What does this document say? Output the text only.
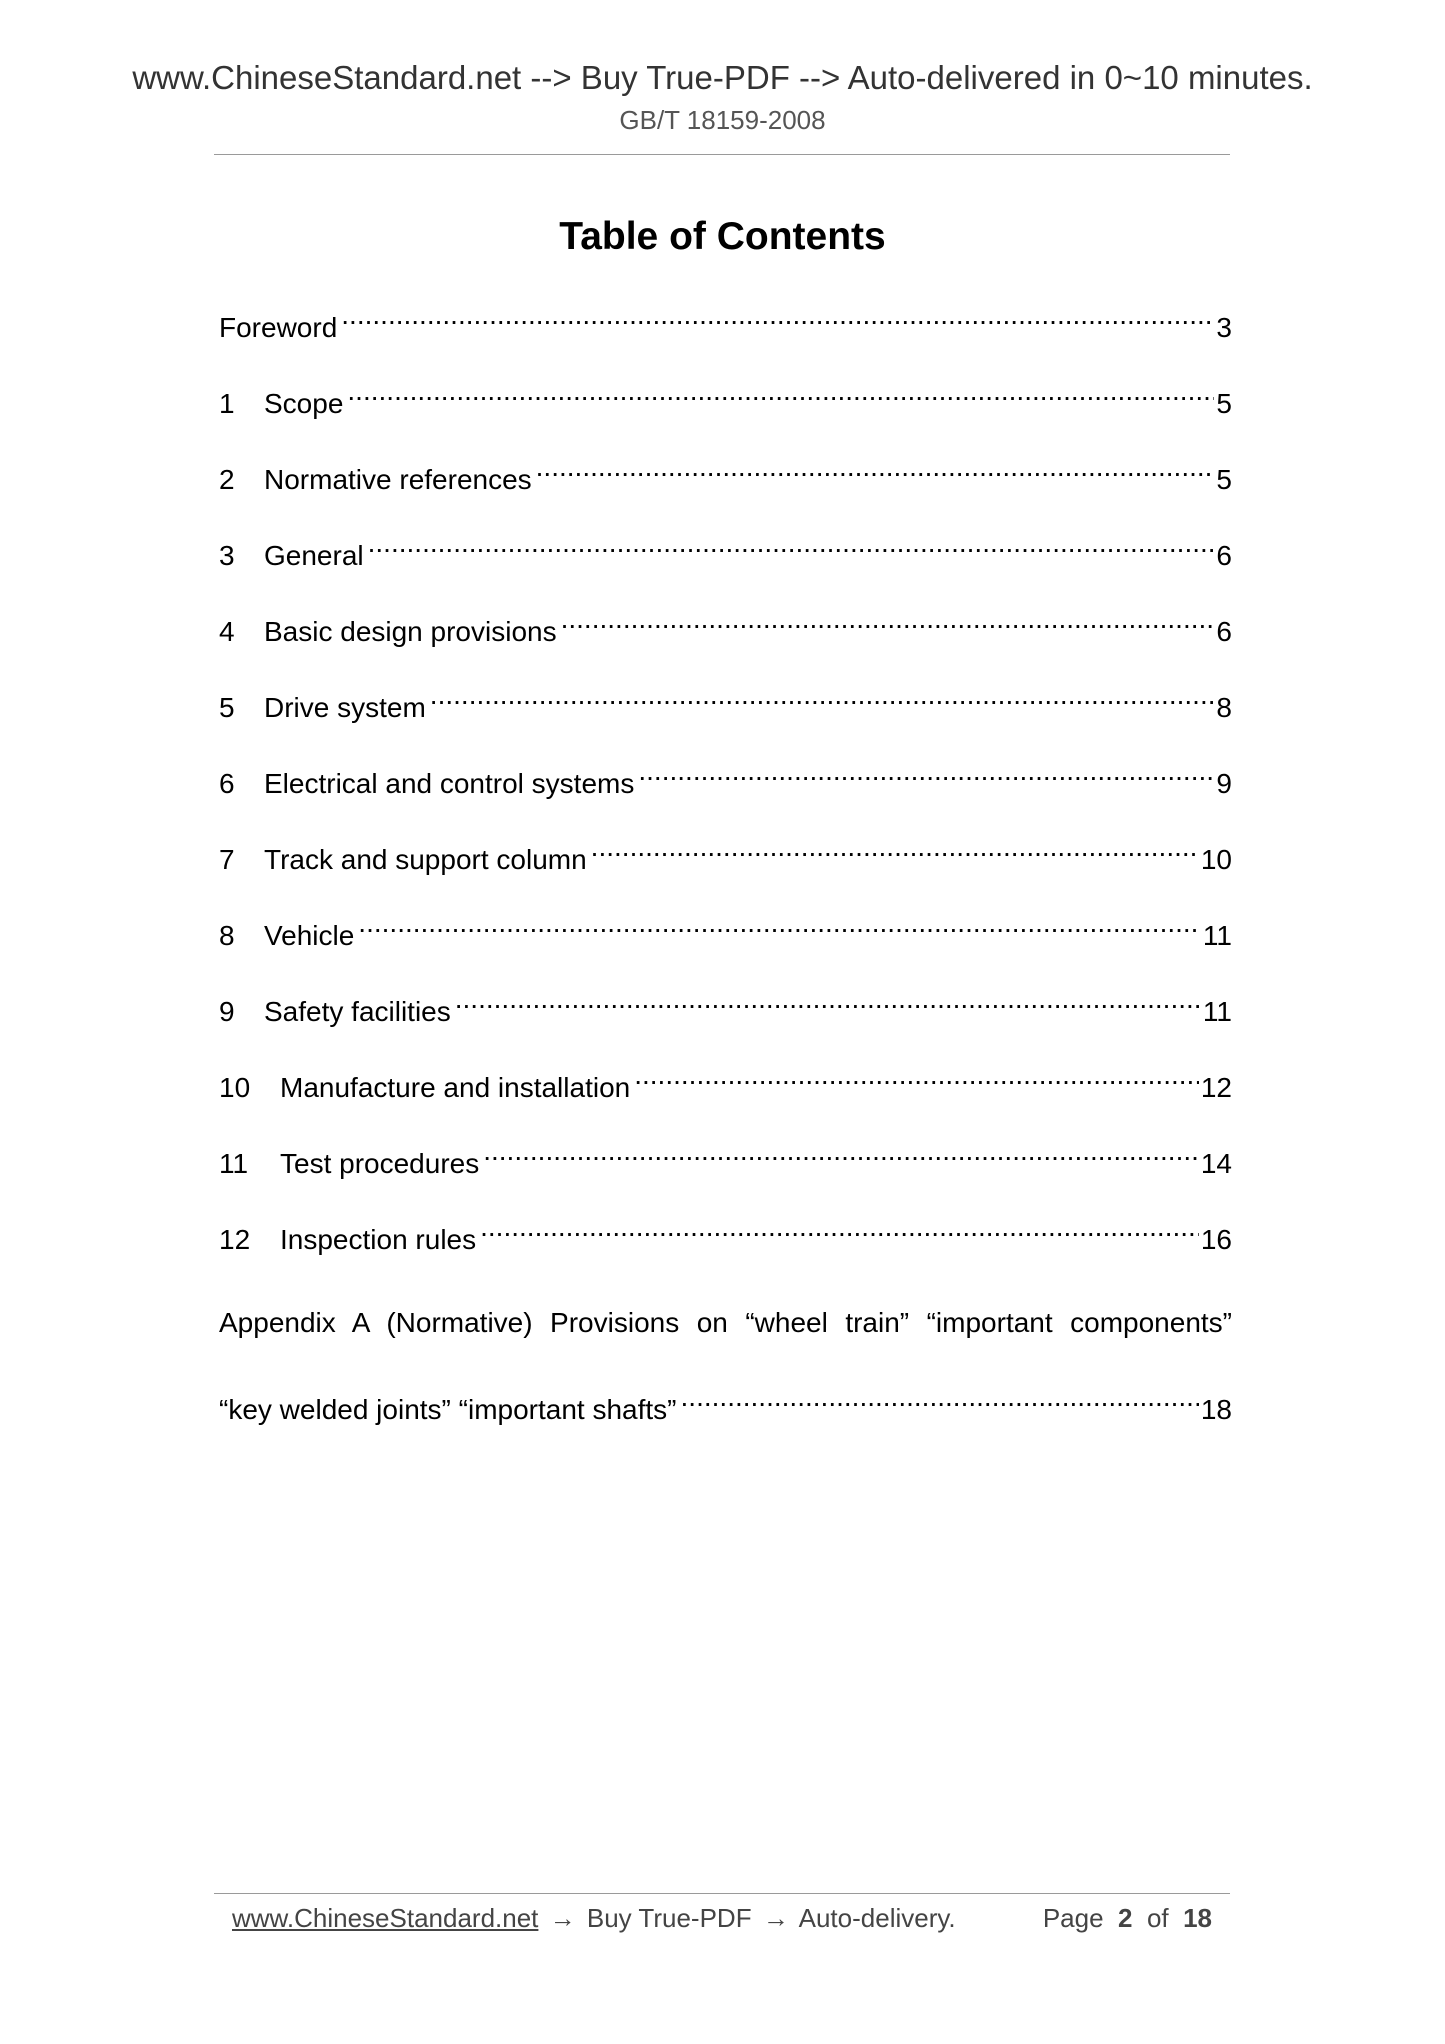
www.ChineseStandard.net --> Buy True-PDF --> Auto-delivered in 0~10 minutes.
GB/T 18159-2008
Table of Contents
Foreword .....	3
1	Scope .....	5
2	Normative references .....	5
3	General .....	6
4	Basic design provisions .....	6
5	Drive system .....	8
6	Electrical and control systems .....	9
7	Track and support column .....	10
8	Vehicle .....	11
9	Safety facilities .....	11
10	Manufacture and installation .....	12
11	Test procedures .....	14
12	Inspection rules .....	16
Appendix A (Normative) Provisions on “wheel train” “important components”
“key welded joints” “important shafts” .....	18
www.ChineseStandard.net → Buy True-PDF → Auto-delivery.	Page 2 of 18
